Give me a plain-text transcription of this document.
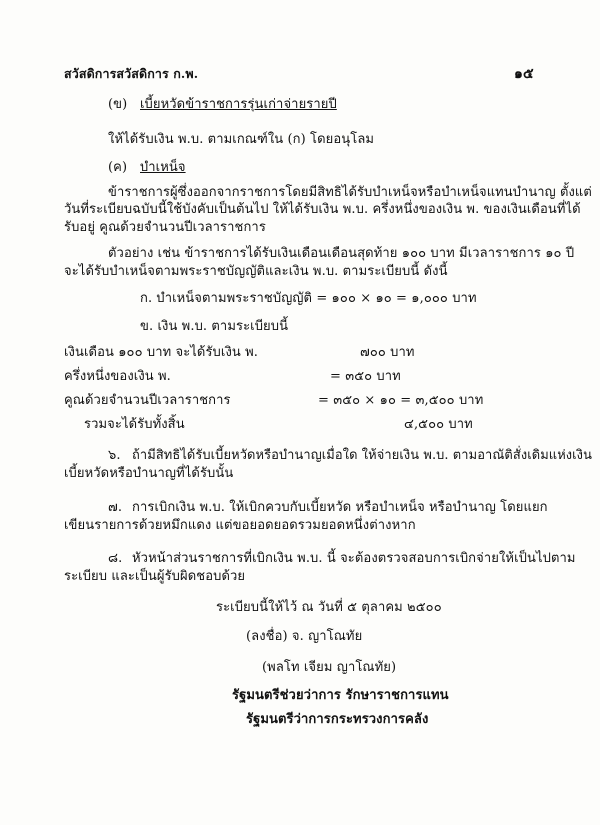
สวัสดิการสวัสดิการ ก.พ.	๑๕
(ข) เบี้ยหวัดข้าราชการรุ่นเก่าจ่ายรายปี
ให้ได้รับเงิน พ.บ. ตามเกณฑ์ใน (ก) โดยอนุโลม
(ค) บำเหน็จ
ข้าราชการผู้ซึ่งออกจากราชการโดยมีสิทธิได้รับบำเหน็จหรือบำเหน็จแทนบำนาญ ตั้งแต่
วันที่ระเบียบฉบับนี้ใช้บังคับเป็นต้นไป ให้ได้รับเงิน พ.บ. ครึ่งหนึ่งของเงิน พ. ของเงินเดือนที่ได้
รับอยู่ คูณด้วยจำนวนปีเวลาราชการ
ตัวอย่าง เช่น ข้าราชการได้รับเงินเดือนเดือนสุดท้าย ๑๐๐ บาท มีเวลาราชการ ๑๐ ปี
จะได้รับบำเหน็จตามพระราชบัญญัติและเงิน พ.บ. ตามระเบียบนี้ ดังนี้
ก. บำเหน็จตามพระราชบัญญัติ = ๑๐๐ × ๑๐ = ๑,๐๐๐ บาท
ข. เงิน พ.บ. ตามระเบียบนี้
เงินเดือน ๑๐๐ บาท จะได้รับเงิน พ.	๗๐๐ บาท
ครึ่งหนึ่งของเงิน พ.	= ๓๕๐ บาท
คูณด้วยจำนวนปีเวลาราชการ	= ๓๕๐ × ๑๐ = ๓,๕๐๐ บาท
รวมจะได้รับทั้งสิ้น	๔,๕๐๐ บาท
๖. ถ้ามีสิทธิได้รับเบี้ยหวัดหรือบำนาญเมื่อใด ให้จ่ายเงิน พ.บ. ตามอาณัติสั่งเดิมแห่งเงิน
เบี้ยหวัดหรือบำนาญที่ได้รับนั้น
๗. การเบิกเงิน พ.บ. ให้เบิกควบกับเบี้ยหวัด หรือบำเหน็จ หรือบำนาญ โดยแยก
เขียนรายการด้วยหมึกแดง แต่ขอยอดยอดรวมยอดหนึ่งต่างหาก
๘. หัวหน้าส่วนราชการที่เบิกเงิน พ.บ. นี้ จะต้องตรวจสอบการเบิกจ่ายให้เป็นไปตาม
ระเบียบ และเป็นผู้รับผิดชอบด้วย
ระเบียบนี้ให้ไว้ ณ วันที่ ๕ ตุลาคม ๒๕๐๐
(ลงชื่อ) จ. ญาโณทัย
(พลโท เจียม ญาโณทัย)
รัฐมนตรีช่วยว่าการ รักษาราชการแทน
รัฐมนตรีว่าการกระทรวงการคลัง
